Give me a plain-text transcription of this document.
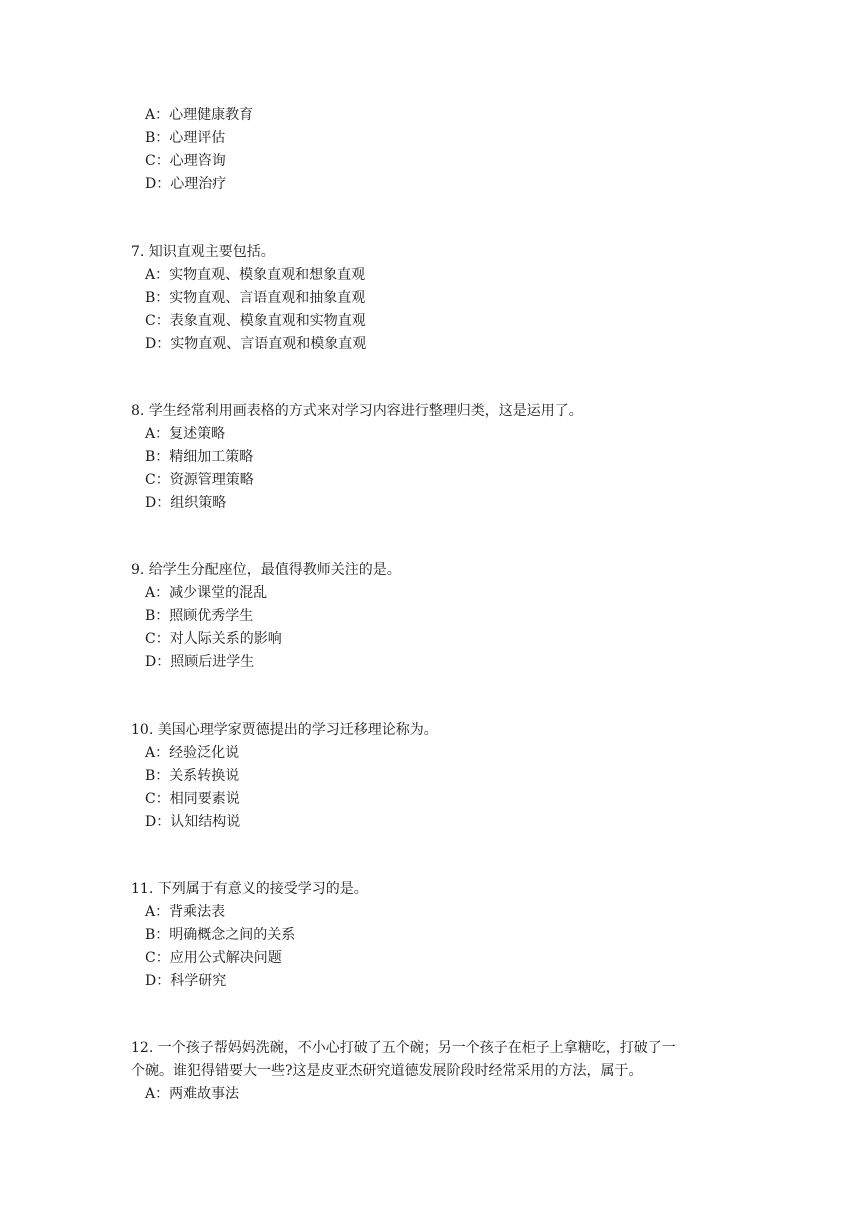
A：心理健康教育
B：心理评估
C：心理咨询
D：心理治疗
7. 知识直观主要包括。
A：实物直观、模象直观和想象直观
B：实物直观、言语直观和抽象直观
C：表象直观、模象直观和实物直观
D：实物直观、言语直观和模象直观
8. 学生经常利用画表格的方式来对学习内容进行整理归类，这是运用了。
A：复述策略
B：精细加工策略
C：资源管理策略
D：组织策略
9. 给学生分配座位，最值得教师关注的是。
A：减少课堂的混乱
B：照顾优秀学生
C：对人际关系的影响
D：照顾后进学生
10. 美国心理学家贾德提出的学习迁移理论称为。
A：经验泛化说
B：关系转换说
C：相同要素说
D：认知结构说
11. 下列属于有意义的接受学习的是。
A：背乘法表
B：明确概念之间的关系
C：应用公式解决问题
D：科学研究
12. 一个孩子帮妈妈洗碗，不小心打破了五个碗；另一个孩子在柜子上拿糖吃，打破了一
个碗。谁犯得错要大一些?这是皮亚杰研究道德发展阶段时经常采用的方法，属于。
A：两难故事法
